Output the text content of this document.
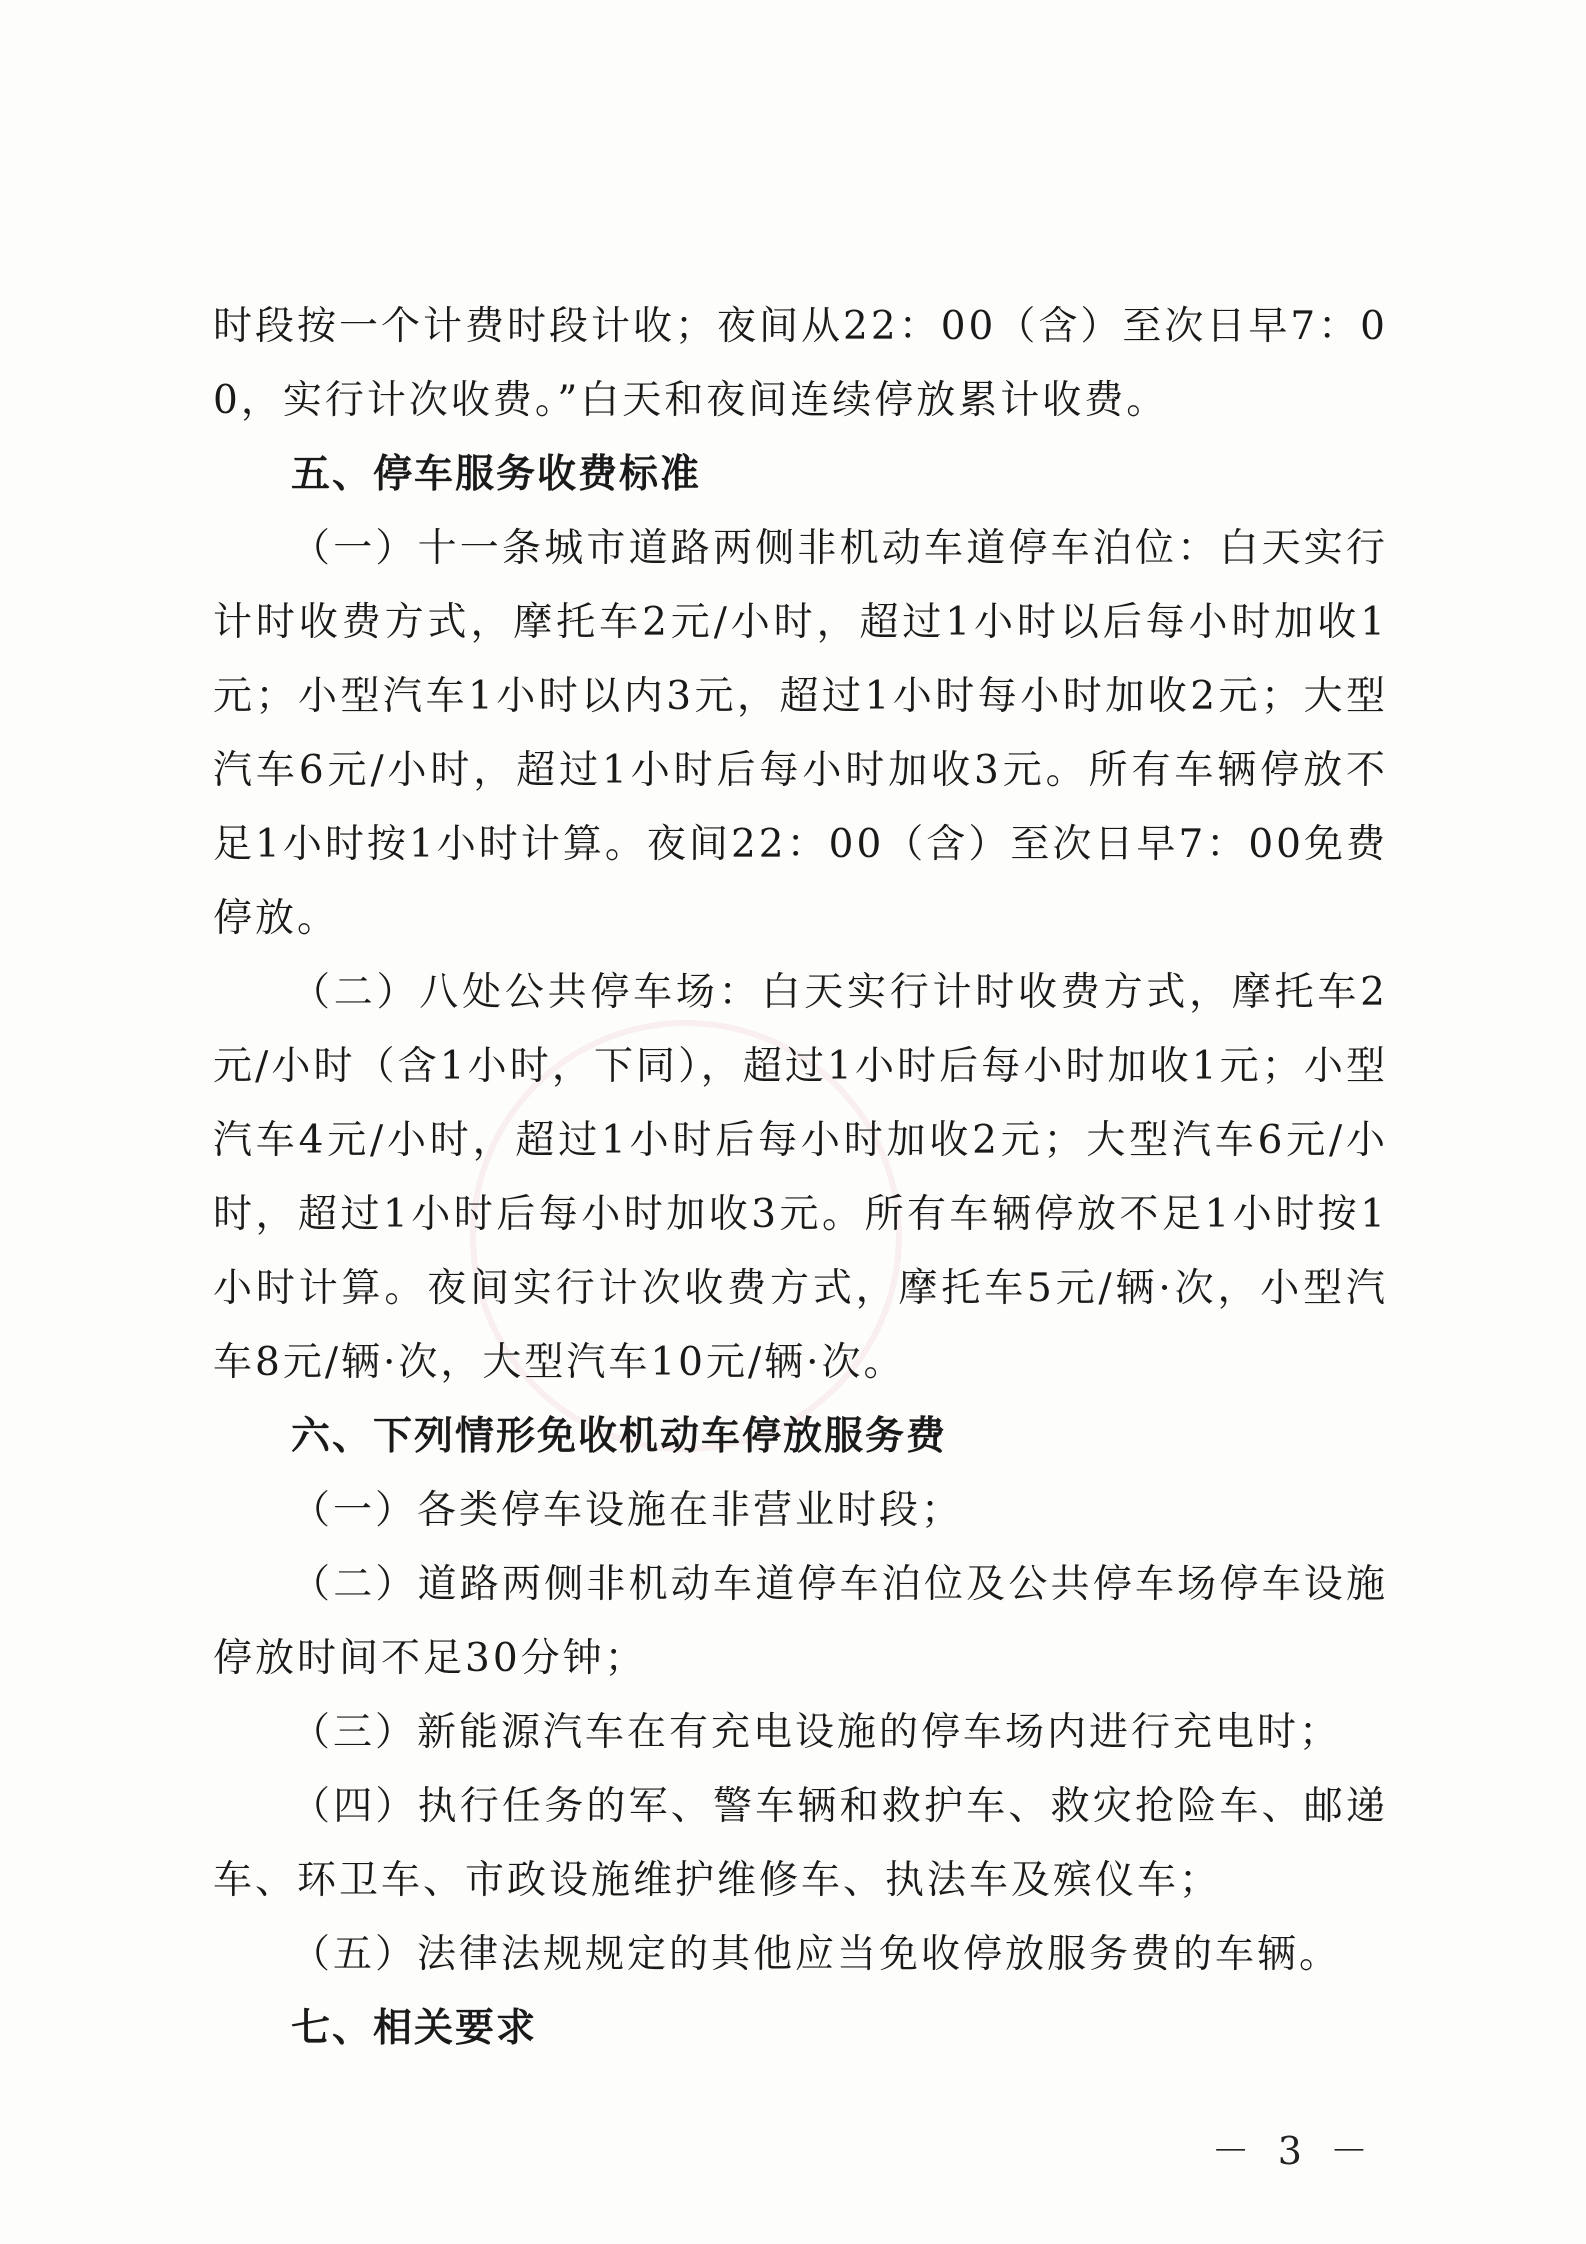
时段按一个计费时段计收；夜间从22：00（含）至次日早7：00，实行计次收费。”白天和夜间连续停放累计收费。

五、停车服务收费标准

（一）十一条城市道路两侧非机动车道停车泊位：白天实行计时收费方式，摩托车2元/小时，超过1小时以后每小时加收1元；小型汽车1小时以内3元，超过1小时每小时加收2元；大型汽车6元/小时，超过1小时后每小时加收3元。所有车辆停放不足1小时按1小时计算。夜间22：00（含）至次日早7：00免费停放。

（二）八处公共停车场：白天实行计时收费方式，摩托车2元/小时（含1小时，下同），超过1小时后每小时加收1元；小型汽车4元/小时，超过1小时后每小时加收2元；大型汽车6元/小时，超过1小时后每小时加收3元。所有车辆停放不足1小时按1小时计算。夜间实行计次收费方式，摩托车5元/辆·次，小型汽车8元/辆·次，大型汽车10元/辆·次。

六、下列情形免收机动车停放服务费

（一）各类停车设施在非营业时段；

（二）道路两侧非机动车道停车泊位及公共停车场停车设施停放时间不足30分钟；

（三）新能源汽车在有充电设施的停车场内进行充电时；

（四）执行任务的军、警车辆和救护车、救灾抢险车、邮递车、环卫车、市政设施维护维修车、执法车及殡仪车；

（五）法律法规规定的其他应当免收停放服务费的车辆。

七、相关要求

－ 3 －
